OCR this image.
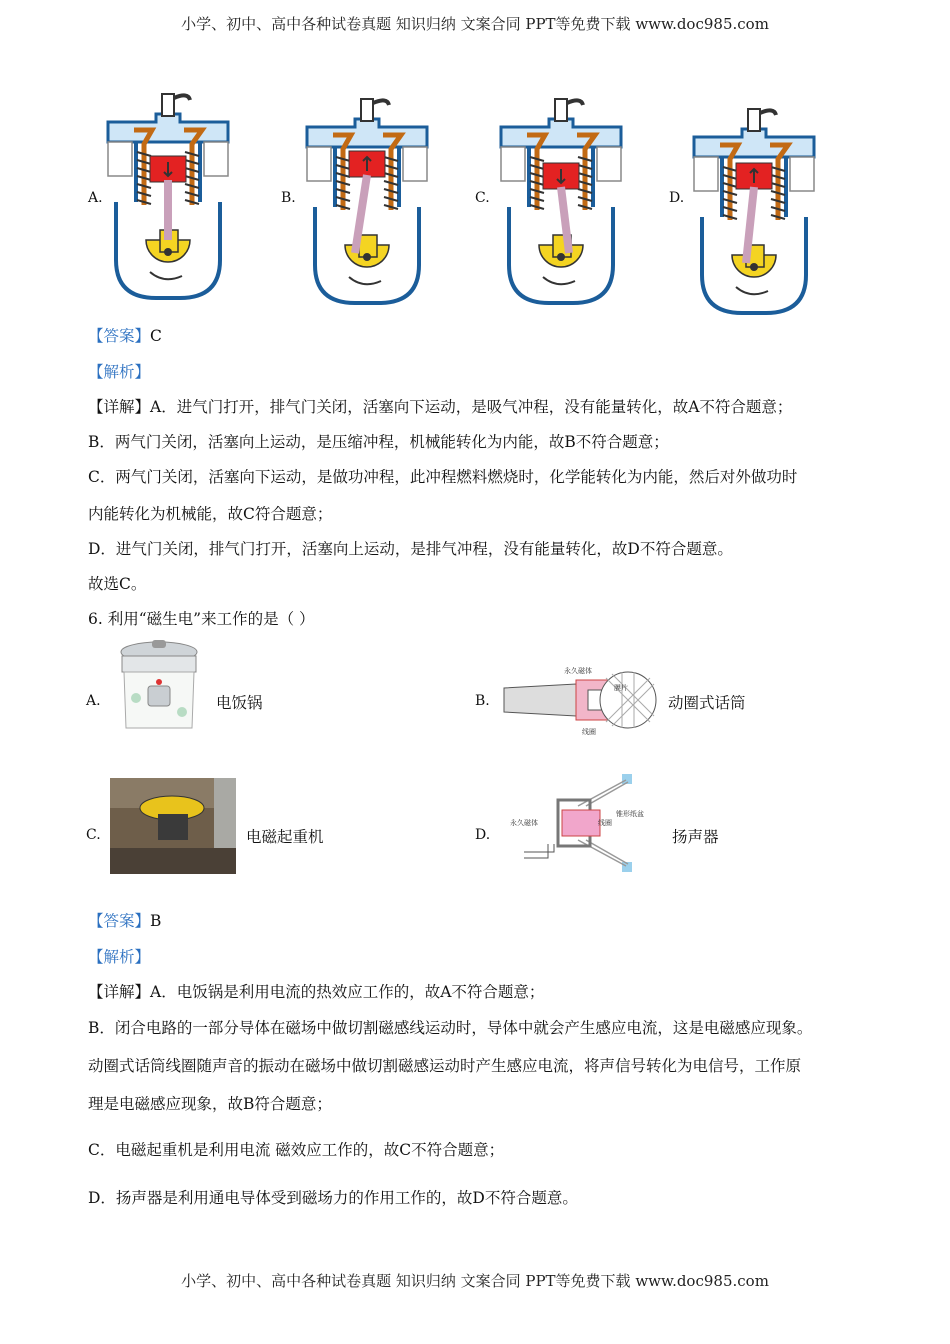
小学、初中、高中各种试卷真题 知识归纳 文案合同 PPT等免费下载 www.doc985.com
A.	B.	C.	D.
【答案】C
【解析】
【详解】A．进气门打开，排气门关闭，活塞向下运动，是吸气冲程，没有能量转化，故A不符合题意；
B．两气门关闭，活塞向上运动，是压缩冲程，机械能转化为内能，故B不符合题意；
C．两气门关闭，活塞向下运动，是做功冲程，此冲程燃料燃烧时，化学能转化为内能，然后对外做功时
内能转化为机械能，故C符合题意；
D．进气门关闭，排气门打开，活塞向上运动，是排气冲程，没有能量转化，故D不符合题意。
故选C。
6. 利用“磁生电”来工作的是（ ）
A.	电饭锅	B.
永久磁体
膜片
线圈
动圈式话筒
C.	电磁起重机	D.
锥形纸盆
永久磁体	线圈
扬声器
【答案】B
【解析】
【详解】A．电饭锅是利用电流的热效应工作的，故A不符合题意；
B．闭合电路的一部分导体在磁场中做切割磁感线运动时，导体中就会产生感应电流，这是电磁感应现象。
动圈式话筒线圈随声音的振动在磁场中做切割磁感运动时产生感应电流，将声信号转化为电信号，工作原
理是电磁感应现象，故B符合题意；
C．电磁起重机是利用电流 磁效应工作的，故C不符合题意；
D．扬声器是利用通电导体受到磁场力的作用工作的，故D不符合题意。
小学、初中、高中各种试卷真题 知识归纳 文案合同 PPT等免费下载 www.doc985.com
